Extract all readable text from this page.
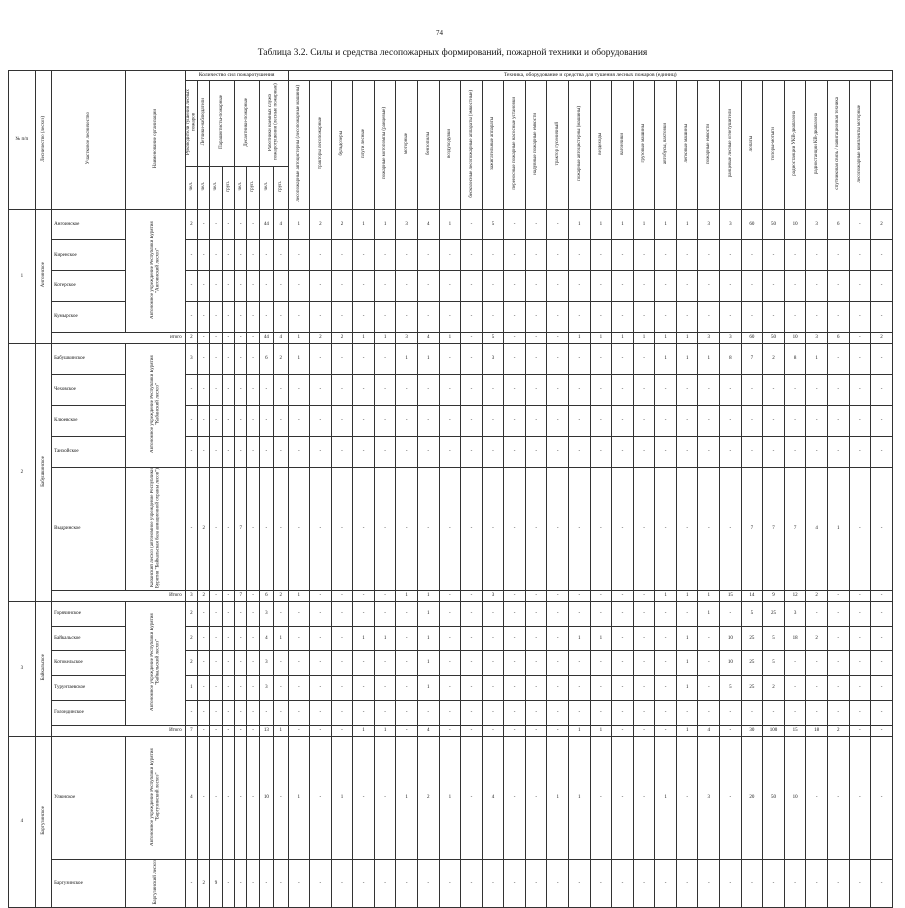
74
Таблица 3.2. Силы и средства лесопожарных формирований, пожарной техники и оборудования
№ п/п	Лесничество (лесхоз)	Участковое лесничество	Наименование организации	Количество сил пожаротушения								Техника, оборудование и средства для тушения лесных пожаров (единиц)																											
				Руководители тушения лесных пожаров	Летчики-наблюдатели	Парашютисты-пожарные		Десантники-пожарные		Работники наемных служб пожаротушения (лесные пожарные)		лесопожарные автоцистерны (лесопожарные машины)	тракторы лесопожарные	бульдозеры	плуги лесные	пожарные мотопомпы (ранцевые)	моторные	бензопилы	воздуходувки	бесколесные лесопожарные аппараты (эмкостные)	зажигательные аппараты	переносные пожарные насосные установки	надувные пожарные емкости	трактор гусеничный	пожарные автоцистерны (машины)	вездеходы	вагончики	грузовые машины	автобусы, вахтовки	легковые машины	пожарные емкости	ранцевые лесные огнетушители	лопаты	топоры-мотыги	радиостанции УКВ-диапазона	радиостанции КВ-диапазона	спутниковая связь / навигационная техника	лесопожарные комплекты моторные	
				чел.	чел.	чел.	груп.	чел.	груп.	чел.	груп.																												
1	Ангоинское	Ангоинское	Автономное учреждение Республики Бурятия "Ангоинский лесхоз"	2	-	-	-	-	-	44	4	1	2	2	1	1	3	4	1	-	5	-	-	-	1	1	1	1	1	1	3	3	60	50	10	3	6	-	2
		Киренское		-	-	-	-	-	-	-	-	-	-	-	-	-	-	-	-	-	-	-	-	-	-	-	-	-	-	-	-	-	-	-	-	-	-	-	-
		Котерское		-	-	-	-	-	-	-	-	-	-	-	-	-	-	-	-	-	-	-	-	-	-	-	-	-	-	-	-	-	-	-	-	-	-	-	-
		Кумырское		-	-	-	-	-	-	-	-	-	-	-	-	-	-	-	-	-	-	-	-	-	-	-	-	-	-	-	-	-	-	-	-	-	-	-	-
		итого		2	-	-	-	-	-	44	4	1	2	2	1	1	3	4	1	-	5	-	-	-	1	1	1	1	1	1	3	3	60	50	10	3	6	-	2
2	Бабушкинское	Бабушкинское	Автономное учреждение Республики Бурятия "Кабанский лесхоз"	3	-	-	-	-	-	6	2	1	-	-	-	-	1	1	-	-	3	-	-	-	-	-	-	-	1	1	1	8	7	2	8	1	-	-	-
		Чеховское		-	-	-	-	-	-	-	-	-	-	-	-	-	-	-	-	-	-	-	-	-	-	-	-	-	-	-	-	-	-	-	-	-	-	-	-
		Клюевское		-	-	-	-	-	-	-	-	-	-	-	-	-	-	-	-	-	-	-	-	-	-	-	-	-	-	-	-	-	-	-	-	-	-	-	-
		Танхойское		-	-	-	-	-	-	-	-	-	-	-	-	-	-	-	-	-	-	-	-	-	-	-	-	-	-	-	-	-	-	-	-	-	-	-	-
		Выдринское	Кабанский лесхоз (автономное учреждение Республики Бурятия "Байкальская база авиационной охраны лесов")	-	2	-	-	7	-	-	-	-	-	-	-	-	-	-	-	-	-	-	-	-	-	-	-	-	-	-	-	-	7	7	7	4	1	-	-
		Итого		3	2	-	-	7	-	6	2	1	-	-	-	-	1	1	-	-	3	-	-	-	-	-	-	-	1	1	1	15	14	9	12	2	-	-	-
3	Байкальское	Горячинское	Автономное учреждение Республики Бурятия "Байкальский лесхоз"	2	-	-	-	-	-	3	-	-	-	-	-	-	-	1	-	-	-	-	-	-	-	-	-	-	-	-	1	-	5	25	3	-	-	-	-
		Байкальское		2	-	-	-	-	-	4	1	-	-	-	1	1	-	1	-	-	-	-	-	-	1	1	-	-	-	1	-	10	25	5	18	2	-	-	-
		Котокельское		2	-	-	-	-	-	3	-	-	-	-	-	-	-	1	-	-	-	-	-	-	-	-	-	-	-	1	-	10	25	5	-	-	-	-	-
		Турунтаевское		1	-	-	-	-	-	3	-	-	-	-	-	-	-	1	-	-	-	-	-	-	-	-	-	-	-	1	-	5	25	2	-	-	-	-	-
		Голондинское		-	-	-	-	-	-	-	-	-	-	-	-	-	-	-	-	-	-	-	-	-	-	-	-	-	-	-	-	-	-	-	-	-	-	-	-
		Итого		7	-	-	-	-	-	13	1	-	-	-	1	1	-	4	-	-	-	-	-	-	1	1	-	-	-	1	4	-	30	100	15	18	2	-	-
4	Баргузинское	Улюнское	Автономное учреждение Республики Бурятия "Баргузинский лесхоз"	4	-	-	-	-	-	10	-	1	-	1	-	-	1	2	1	-	4	-	-	1	1	-	-	-	1	-	3	-	20	50	10	-	-	-	-
		Баргузинское	Баргузинский лесхоз	-	2	9	-	-	-	-	-	-	-	-	-	-	-	-	-	-	-	-	-	-	-	-	-	-	-	-	-	-	-	-	-	-	-	-	-
